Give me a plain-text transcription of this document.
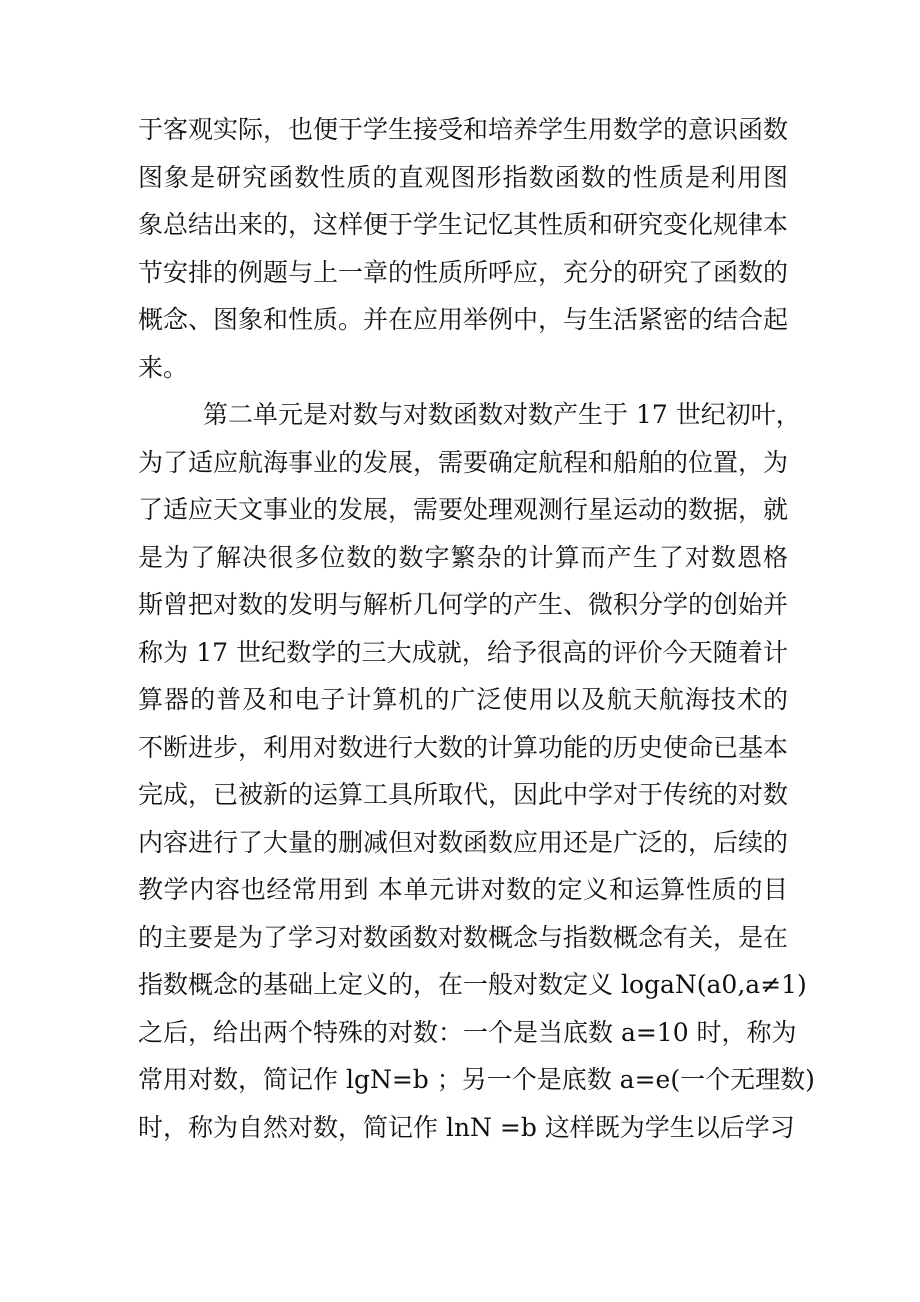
于客观实际，也便于学生接受和培养学生用数学的意识函数
图象是研究函数性质的直观图形指数函数的性质是利用图
象总结出来的，这样便于学生记忆其性质和研究变化规律本
节安排的例题与上一章的性质所呼应，充分的研究了函数的
概念、图象和性质。并在应用举例中，与生活紧密的结合起
来。
第二单元是对数与对数函数对数产生于 17 世纪初叶，
为了适应航海事业的发展，需要确定航程和船舶的位置，为
了适应天文事业的发展，需要处理观测行星运动的数据，就
是为了解决很多位数的数字繁杂的计算而产生了对数恩格
斯曾把对数的发明与解析几何学的产生、微积分学的创始并
称为 17 世纪数学的三大成就，给予很高的评价今天随着计
算器的普及和电子计算机的广泛使用以及航天航海技术的
不断进步，利用对数进行大数的计算功能的历史使命已基本
完成，已被新的运算工具所取代，因此中学对于传统的对数
内容进行了大量的删减但对数函数应用还是广泛的，后续的
教学内容也经常用到 本单元讲对数的定义和运算性质的目
的主要是为了学习对数函数对数概念与指数概念有关，是在
指数概念的基础上定义的，在一般对数定义 logaN(a0,a≠1)
之后，给出两个特殊的对数：一个是当底数 a=10 时，称为
常用对数，简记作 lgN=b ；另一个是底数 a=e(一个无理数)
时，称为自然对数，简记作 lnN =b 这样既为学生以后学习
